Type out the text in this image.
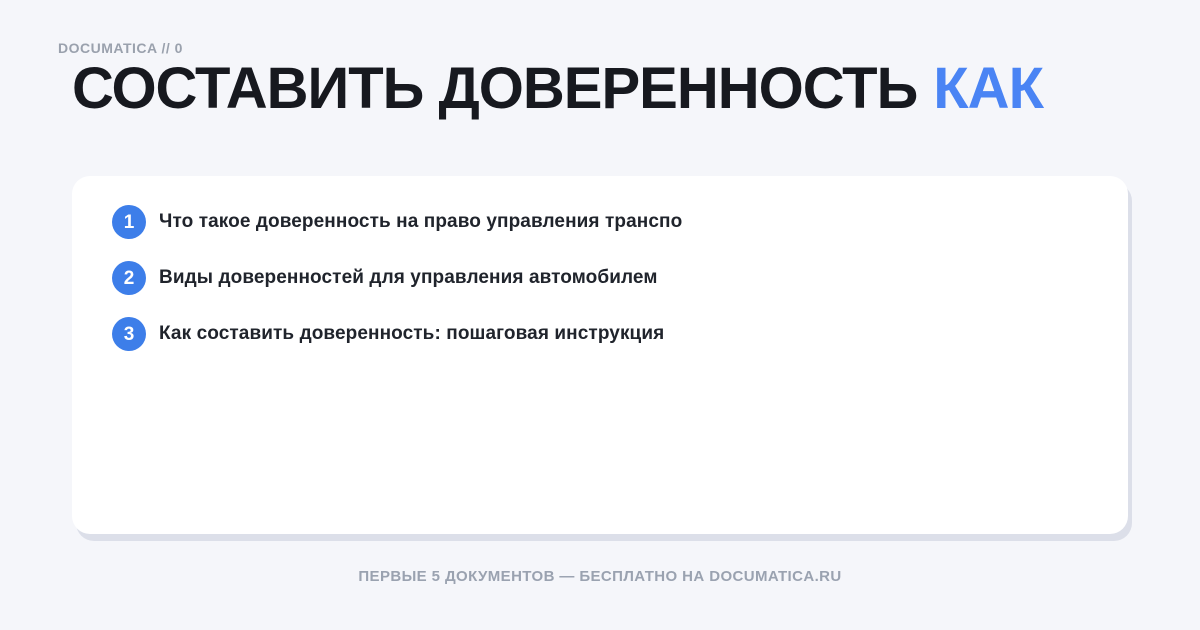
DOCUMATICA // 0
СОСТАВИТЬ ДОВЕРЕННОСТЬ КАК
1 Что такое доверенность на право управления транспо
2 Виды доверенностей для управления автомобилем
3 Как составить доверенность: пошаговая инструкция
ПЕРВЫЕ 5 ДОКУМЕНТОВ — БЕСПЛАТНО НА DOCUMATICA.RU
